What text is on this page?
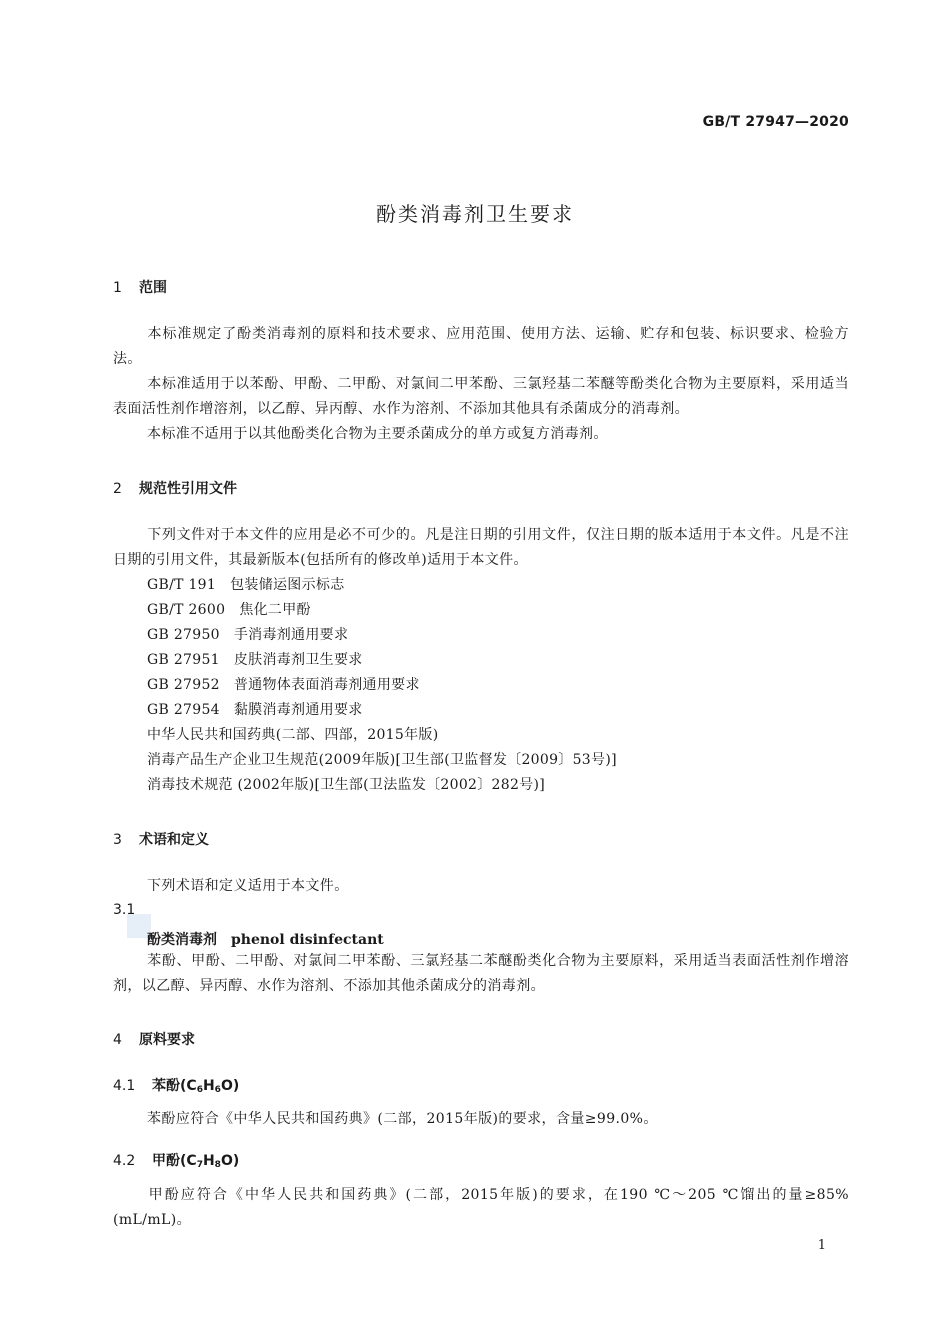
GB/T 27947—2020
酚类消毒剂卫生要求
1 范围
本标准规定了酚类消毒剂的原料和技术要求、应用范围、使用方法、运输、贮存和包装、标识要求、检验方法。
本标准适用于以苯酚、甲酚、二甲酚、对氯间二甲苯酚、三氯羟基二苯醚等酚类化合物为主要原料，采用适当表面活性剂作增溶剂，以乙醇、异丙醇、水作为溶剂、不添加其他具有杀菌成分的消毒剂。
本标准不适用于以其他酚类化合物为主要杀菌成分的单方或复方消毒剂。
2 规范性引用文件
下列文件对于本文件的应用是必不可少的。凡是注日期的引用文件，仅注日期的版本适用于本文件。凡是不注日期的引用文件，其最新版本(包括所有的修改单)适用于本文件。
GB/T 191 包装储运图示标志
GB/T 2600 焦化二甲酚
GB 27950 手消毒剂通用要求
GB 27951 皮肤消毒剂卫生要求
GB 27952 普通物体表面消毒剂通用要求
GB 27954 黏膜消毒剂通用要求
中华人民共和国药典(二部、四部，2015年版)
消毒产品生产企业卫生规范(2009年版)[卫生部(卫监督发〔2009〕53号)]
消毒技术规范 (2002年版)[卫生部(卫法监发〔2002〕282号)]
3 术语和定义
下列术语和定义适用于本文件。
3.1
酚类消毒剂 phenol disinfectant
苯酚、甲酚、二甲酚、对氯间二甲苯酚、三氯羟基二苯醚酚类化合物为主要原料，采用适当表面活性剂作增溶剂，以乙醇、异丙醇、水作为溶剂、不添加其他杀菌成分的消毒剂。
4 原料要求
4.1 苯酚$(C_6H_6O)$
苯酚应符合《中华人民共和国药典》(二部，2015年版)的要求，含量≥99.0%。
4.2 甲酚$(C_7H_8O)$
甲酚应符合《中华人民共和国药典》(二部，2015年版)的要求，在190 ℃～205 ℃馏出的量≥85%(mL/mL)。
1
